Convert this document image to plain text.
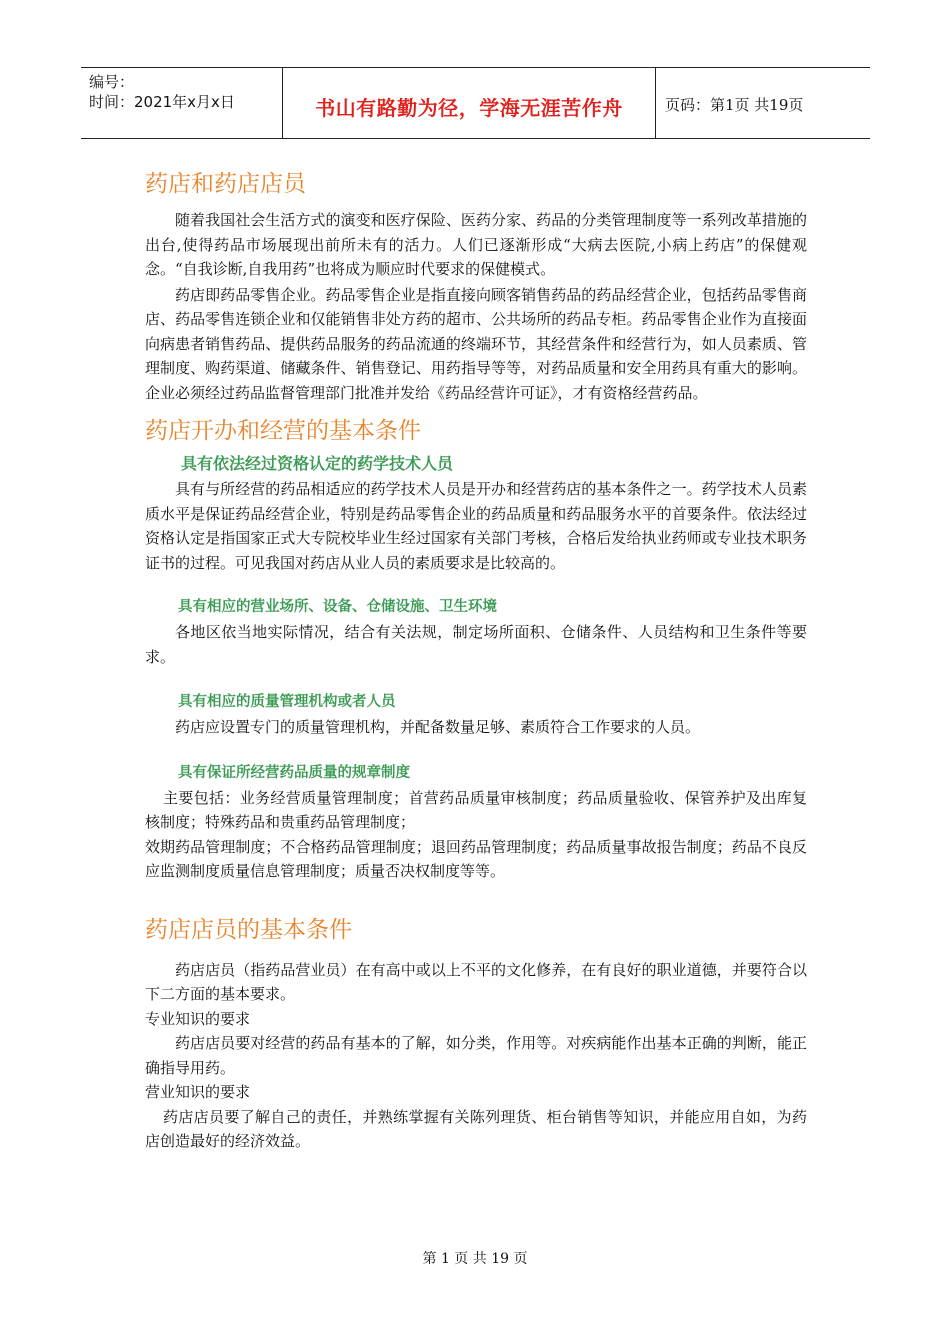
编号：
时间：2021年x月x日	书山有路勤为径，学海无涯苦作舟	页码：第1页 共19页
药店和药店店员

随着我国社会生活方式的演变和医疗保险、医药分家、药品的分类管理制度等一系列改革措施的出台,使得药品市场展现出前所未有的活力。人们已逐渐形成“大病去医院,小病上药店”的保健观念。“自我诊断,自我用药”也将成为顺应时代要求的保健模式。

药店即药品零售企业。药品零售企业是指直接向顾客销售药品的药品经营企业，包括药品零售商店、药品零售连锁企业和仅能销售非处方药的超市、公共场所的药品专柜。药品零售企业作为直接面向病患者销售药品、提供药品服务的药品流通的终端环节，其经营条件和经营行为，如人员素质、管理制度、购药渠道、储藏条件、销售登记、用药指导等等，对药品质量和安全用药具有重大的影响。企业必须经过药品监督管理部门批准并发给《药品经营许可证》，才有资格经营药品。

药店开办和经营的基本条件
具有依法经过资格认定的药学技术人员

具有与所经营的药品相适应的药学技术人员是开办和经营药店的基本条件之一。药学技术人员素质水平是保证药品经营企业，特别是药品零售企业的药品质量和药品服务水平的首要条件。依法经过资格认定是指国家正式大专院校毕业生经过国家有关部门考核，合格后发给执业药师或专业技术职务证书的过程。可见我国对药店从业人员的素质要求是比较高的。

具有相应的营业场所、设备、仓储设施、卫生环境

各地区依当地实际情况，结合有关法规，制定场所面积、仓储条件、人员结构和卫生条件等要求。

具有相应的质量管理机构或者人员

药店应设置专门的质量管理机构，并配备数量足够、素质符合工作要求的人员。

具有保证所经营药品质量的规章制度

主要包括：业务经营质量管理制度；首营药品质量审核制度；药品质量验收、保管养护及出库复核制度；特殊药品和贵重药品管理制度；

效期药品管理制度；不合格药品管理制度；退回药品管理制度；药品质量事故报告制度；药品不良反应监测制度质量信息管理制度；质量否决权制度等等。

药店店员的基本条件

药店店员（指药品营业员）在有高中或以上不平的文化修养，在有良好的职业道德，并要符合以下二方面的基本要求。

专业知识的要求

药店店员要对经营的药品有基本的了解，如分类，作用等。对疾病能作出基本正确的判断，能正确指导用药。

营业知识的要求

药店店员要了解自己的责任，并熟练掌握有关陈列理货、柜台销售等知识，并能应用自如，为药店创造最好的经济效益。

第 1 页 共 19 页
